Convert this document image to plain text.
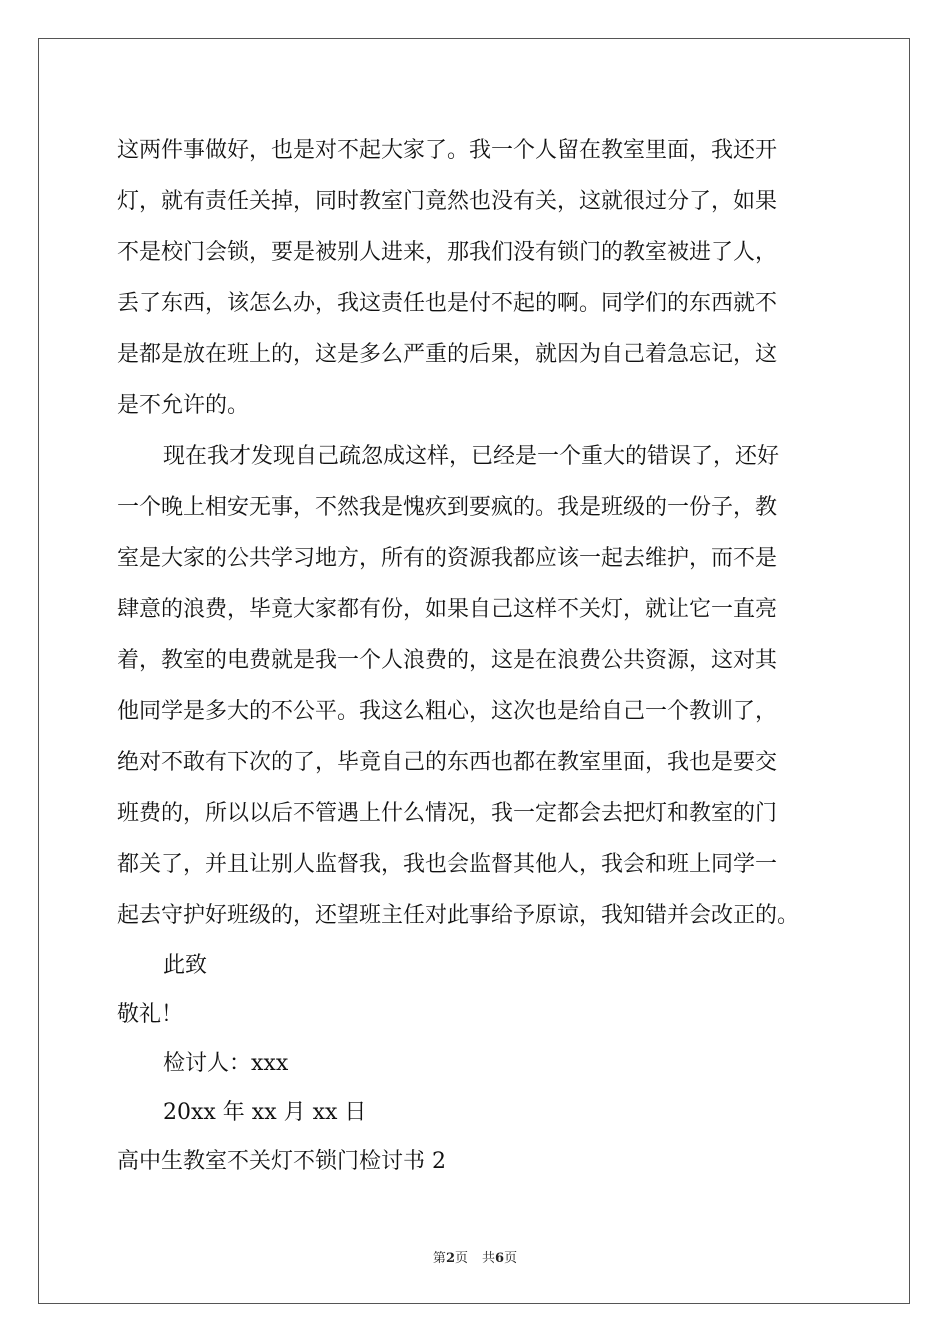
这两件事做好，也是对不起大家了。我一个人留在教室里面，我还开
灯，就有责任关掉，同时教室门竟然也没有关，这就很过分了，如果
不是校门会锁，要是被别人进来，那我们没有锁门的教室被进了人，
丢了东西，该怎么办，我这责任也是付不起的啊。同学们的东西就不
是都是放在班上的，这是多么严重的后果，就因为自己着急忘记，这
是不允许的。
现在我才发现自己疏忽成这样，已经是一个重大的错误了，还好
一个晚上相安无事，不然我是愧疚到要疯的。我是班级的一份子，教
室是大家的公共学习地方，所有的资源我都应该一起去维护，而不是
肆意的浪费，毕竟大家都有份，如果自己这样不关灯，就让它一直亮
着，教室的电费就是我一个人浪费的，这是在浪费公共资源，这对其
他同学是多大的不公平。我这么粗心，这次也是给自己一个教训了，
绝对不敢有下次的了，毕竟自己的东西也都在教室里面，我也是要交
班费的，所以以后不管遇上什么情况，我一定都会去把灯和教室的门
都关了，并且让别人监督我，我也会监督其他人，我会和班上同学一
起去守护好班级的，还望班主任对此事给予原谅，我知错并会改正的。
此致
敬礼！
检讨人：xxx
20xx 年 xx 月 xx 日
高中生教室不关灯不锁门检讨书 2
第2页 共6页
